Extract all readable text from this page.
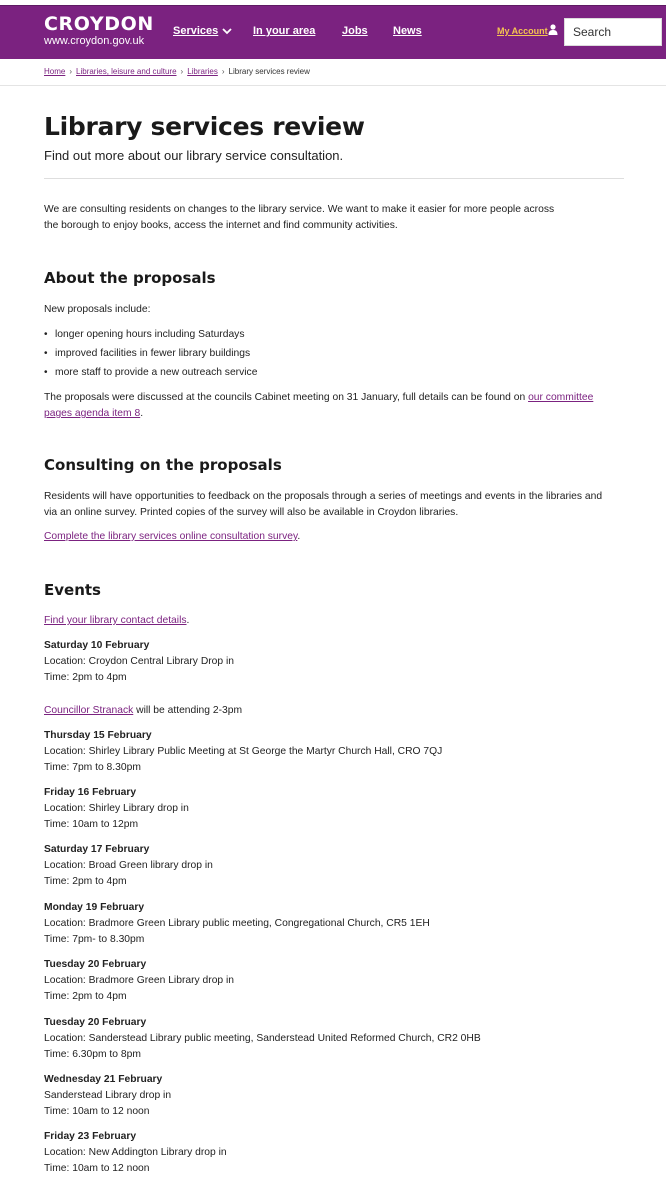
CROYDON
www.croydon.gov.uk
Services	In your area Jobs News	My Account
Search
Home › Libraries, leisure and culture › Libraries › Library services review
Library services review
Find out more about our library service consultation.

We are consulting residents on changes to the library service. We want to make it easier for more people across the borough to enjoy books, access the internet and find community activities.

About the proposals

New proposals include:

• longer opening hours including Saturdays
• improved facilities in fewer library buildings
• more staff to provide a new outreach service

The proposals were discussed at the councils Cabinet meeting on 31 January, full details can be found on our committee pages agenda item 8.

Consulting on the proposals

Residents will have opportunities to feedback on the proposals through a series of meetings and events in the libraries and via an online survey. Printed copies of the survey will also be available in Croydon libraries.

Complete the library services online consultation survey.

Events

Find your library contact details.

Saturday 10 February
Location: Croydon Central Library Drop in
Time: 2pm to 4pm

Councillor Stranack will be attending 2-3pm

Thursday 15 February
Location: Shirley Library Public Meeting at St George the Martyr Church Hall, CRO 7QJ
Time: 7pm to 8.30pm
Friday 16 February
Location: Shirley Library drop in
Time: 10am to 12pm
Saturday 17 February
Location: Broad Green library drop in
Time: 2pm to 4pm
Monday 19 February
Location: Bradmore Green Library public meeting, Congregational Church, CR5 1EH
Time: 7pm- to 8.30pm
Tuesday 20 February
Location: Bradmore Green Library drop in
Time: 2pm to 4pm
Tuesday 20 February
Location: Sanderstead Library public meeting, Sanderstead United Reformed Church, CR2 0HB
Time: 6.30pm to 8pm
Wednesday 21 February
Sanderstead Library drop in
Time: 10am to 12 noon
Friday 23 February
Location: New Addington Library drop in
Time: 10am to 12 noon
